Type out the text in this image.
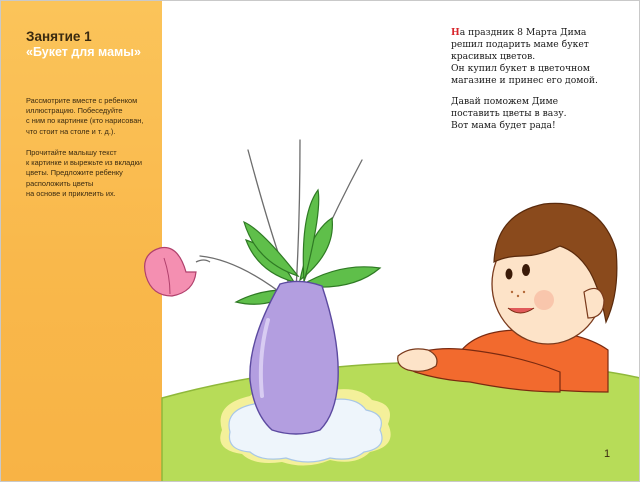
Занятие 1
«Букет для мамы»
Рассмотрите вместе с ребенком
иллюстрацию. Побеседуйте
с ним по картинке (кто нарисован,
что стоит на столе и т. д.).
Прочитайте малышу текст
к картинке и вырежьте из вкладки
цветы. Предложите ребенку
расположить цветы
на основе и приклеить их.
На праздник 8 Марта Дима
решил подарить маме букет
красивых цветов.
Он купил букет в цветочном
магазине и принес его домой.
Давай поможем Диме
поставить цветы в вазу.
Вот мама будет рада!
1
